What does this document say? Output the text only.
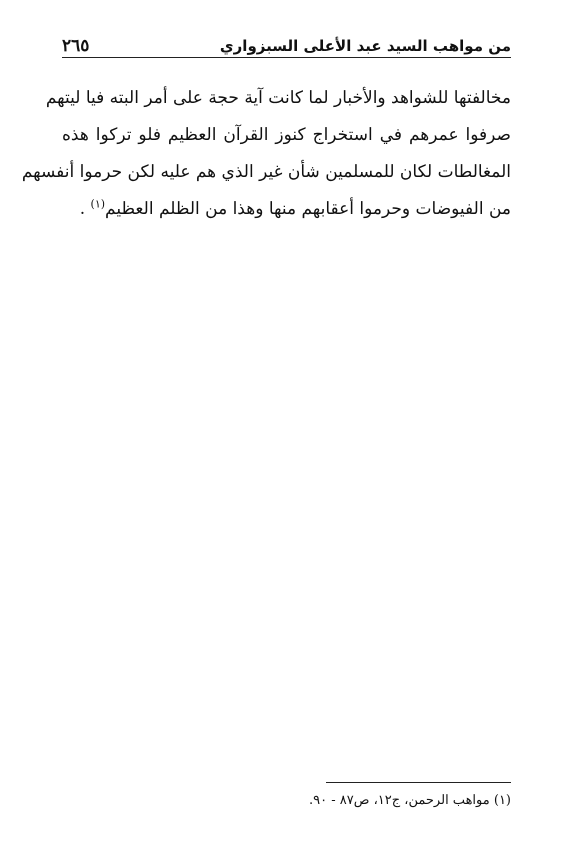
من مواهب السيد عبد الأعلى السبزواري
٢٦٥
مخالفتها للشواهد والأخبار لما كانت آية حجة على أمر البته فيا ليتهم
صرفوا عمرهم في استخراج كنوز القرآن العظيم فلو تركوا هذه
المغالطات لكان للمسلمين شأن غير الذي هم عليه لكن حرموا أنفسهم
من الفيوضات وحرموا أعقابهم منها وهذا من الظلم العظيم$^{(١)}$ .
(١) مواهب الرحمن، ج١٢، ص٨٧ - ٩٠.
